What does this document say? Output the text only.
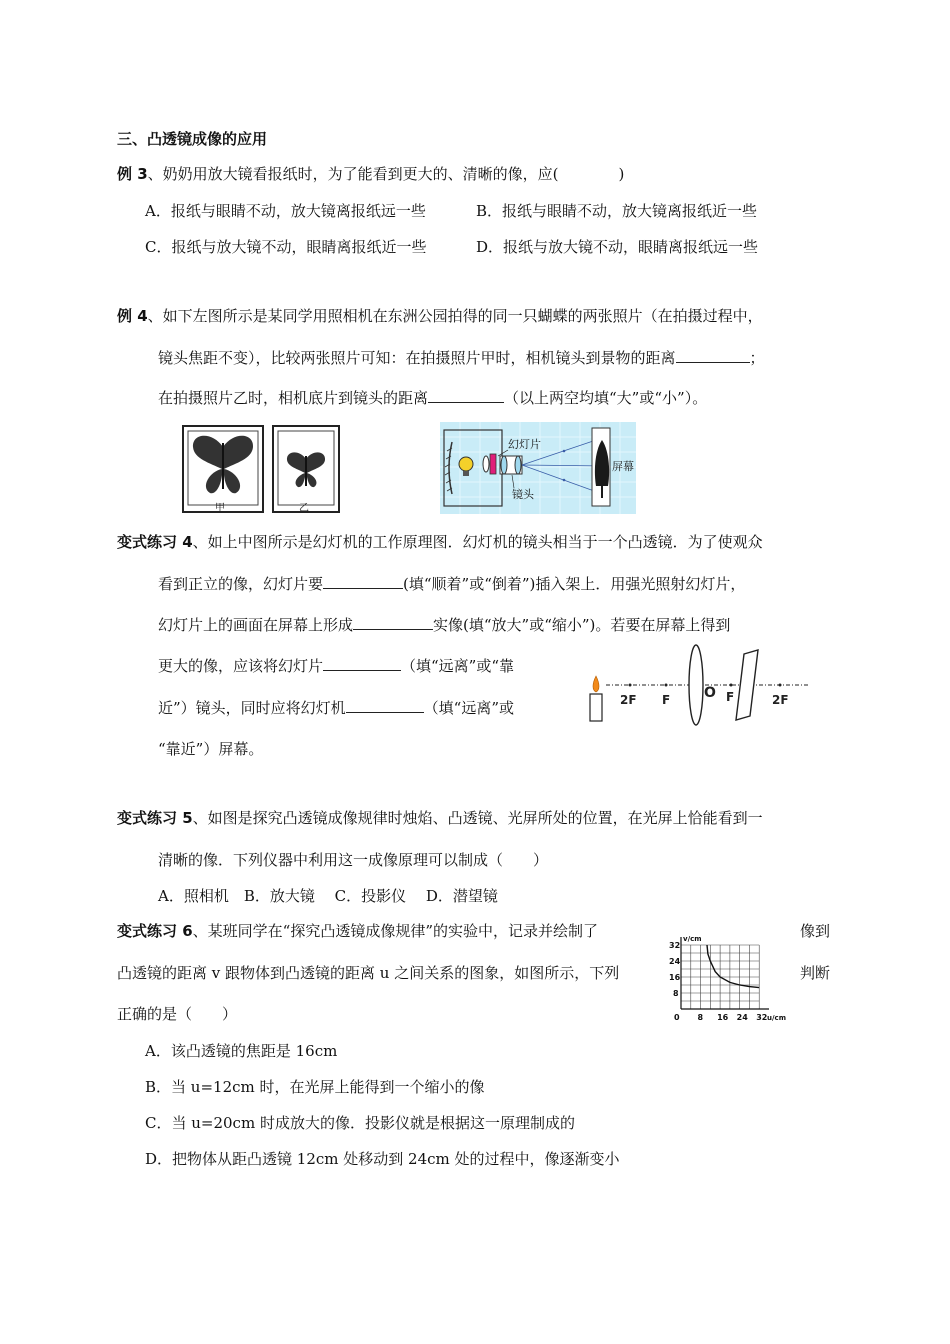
三、凸透镜成像的应用
例 3、奶奶用放大镜看报纸时，为了能看到更大的、清晰的像，应(　　　　)
A．报纸与眼睛不动，放大镜离报纸远一些	B．报纸与眼睛不动，放大镜离报纸近一些
C．报纸与放大镜不动，眼睛离报纸近一些	D．报纸与放大镜不动，眼睛离报纸远一些
例 4、如下左图所示是某同学用照相机在东洲公园拍得的同一只蝴蝶的两张照片（在拍摄过程中，
镜头焦距不变），比较两张照片可知：在拍摄照片甲时，相机镜头到景物的距离	；
在拍摄照片乙时，相机底片到镜头的距离	（以上两空均填“大”或“小”）。
甲	乙
幻灯片
镜头
屏幕
变式练习 4、如上中图所示是幻灯机的工作原理图．幻灯机的镜头相当于一个凸透镜．为了使观众
看到正立的像，幻灯片要	(填“顺着”或“倒着”)插入架上．用强光照射幻灯片，
幻灯片上的画面在屏幕上形成	实像(填“放大”或“缩小”)。若要在屏幕上得到
更大的像，应该将幻灯片	（填“远离”或“靠
近”）镜头，同时应将幻灯机	（填“远离”或
“靠近”）屏幕。
2F F O F	2F
变式练习 5、如图是探究凸透镜成像规律时烛焰、凸透镜、光屏所处的位置，在光屏上恰能看到一
清晰的像．下列仪器中利用这一成像原理可以制成（　　）
A．照相机　B．放大镜　 C．投影仪　 D．潜望镜
变式练习 6、某班同学在“探究凸透镜成像规律”的实验中，记录并绘制了	像到
凸透镜的距离 v 跟物体到凸透镜的距离 u 之间关系的图象，如图所示，下列	判断
正确的是（　　）
A．该凸透镜的焦距是 16cm
B．当 u=12cm 时，在光屏上能得到一个缩小的像
C．当 u=20cm 时成放大的像．投影仪就是根据这一原理制成的
D．把物体从距凸透镜 12cm 处移动到 24cm 处的过程中，像逐渐变小
0 8 16 24 32
8
16
24
32
u/cm
v/cm
